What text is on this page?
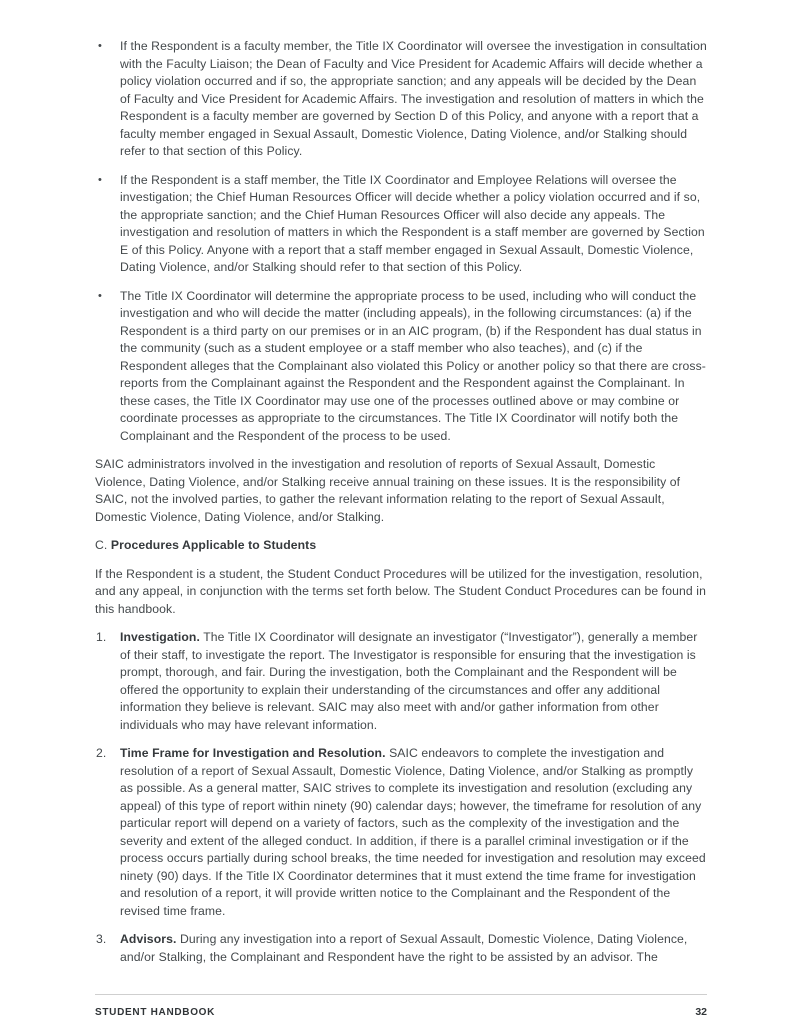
•	If the Respondent is a faculty member, the Title IX Coordinator will oversee the investigation in consultation with the Faculty Liaison; the Dean of Faculty and Vice President for Academic Affairs will decide whether a policy violation occurred and if so, the appropriate sanction; and any appeals will be decided by the Dean of Faculty and Vice President for Academic Affairs. The investigation and resolution of matters in which the Respondent is a faculty member are governed by Section D of this Policy, and anyone with a report that a faculty member engaged in Sexual Assault, Domestic Violence, Dating Violence, and/or Stalking should refer to that section of this Policy.

•	If the Respondent is a staff member, the Title IX Coordinator and Employee Relations will oversee the investigation; the Chief Human Resources Officer will decide whether a policy violation occurred and if so, the appropriate sanction; and the Chief Human Resources Officer will also decide any appeals. The investigation and resolution of matters in which the Respondent is a staff member are governed by Section E of this Policy. Anyone with a report that a staff member engaged in Sexual Assault, Domestic Violence, Dating Violence, and/or Stalking should refer to that section of this Policy.

•	The Title IX Coordinator will determine the appropriate process to be used, including who will conduct the investigation and who will decide the matter (including appeals), in the following circumstances: (a) if the Respondent is a third party on our premises or in an AIC program, (b) if the Respondent has dual status in the community (such as a student employee or a staff member who also teaches), and (c) if the Respondent alleges that the Complainant also violated this Policy or another policy so that there are cross-reports from the Complainant against the Respondent and the Respondent against the Complainant. In these cases, the Title IX Coordinator may use one of the processes outlined above or may combine or coordinate processes as appropriate to the circumstances. The Title IX Coordinator will notify both the Complainant and the Respondent of the process to be used.

SAIC administrators involved in the investigation and resolution of reports of Sexual Assault, Domestic Violence, Dating Violence, and/or Stalking receive annual training on these issues. It is the responsibility of SAIC, not the involved parties, to gather the relevant information relating to the report of Sexual Assault, Domestic Violence, Dating Violence, and/or Stalking.

C. Procedures Applicable to Students

If the Respondent is a student, the Student Conduct Procedures will be utilized for the investigation, resolution, and any appeal, in conjunction with the terms set forth below. The Student Conduct Procedures can be found in this handbook.

1.	Investigation. The Title IX Coordinator will designate an investigator (“Investigator”), generally a member of their staff, to investigate the report. The Investigator is responsible for ensuring that the investigation is prompt, thorough, and fair. During the investigation, both the Complainant and the Respondent will be offered the opportunity to explain their understanding of the circumstances and offer any additional information they believe is relevant. SAIC may also meet with and/or gather information from other individuals who may have relevant information.

2.	Time Frame for Investigation and Resolution. SAIC endeavors to complete the investigation and resolution of a report of Sexual Assault, Domestic Violence, Dating Violence, and/or Stalking as promptly as possible. As a general matter, SAIC strives to complete its investigation and resolution (excluding any appeal) of this type of report within ninety (90) calendar days; however, the timeframe for resolution of any particular report will depend on a variety of factors, such as the complexity of the investigation and the severity and extent of the alleged conduct. In addition, if there is a parallel criminal investigation or if the process occurs partially during school breaks, the time needed for investigation and resolution may exceed ninety (90) days. If the Title IX Coordinator determines that it must extend the time frame for investigation and resolution of a report, it will provide written notice to the Complainant and the Respondent of the revised time frame.

3.	Advisors. During any investigation into a report of Sexual Assault, Domestic Violence, Dating Violence, and/or Stalking, the Complainant and Respondent have the right to be assisted by an advisor. The

STUDENT HANDBOOK	32
